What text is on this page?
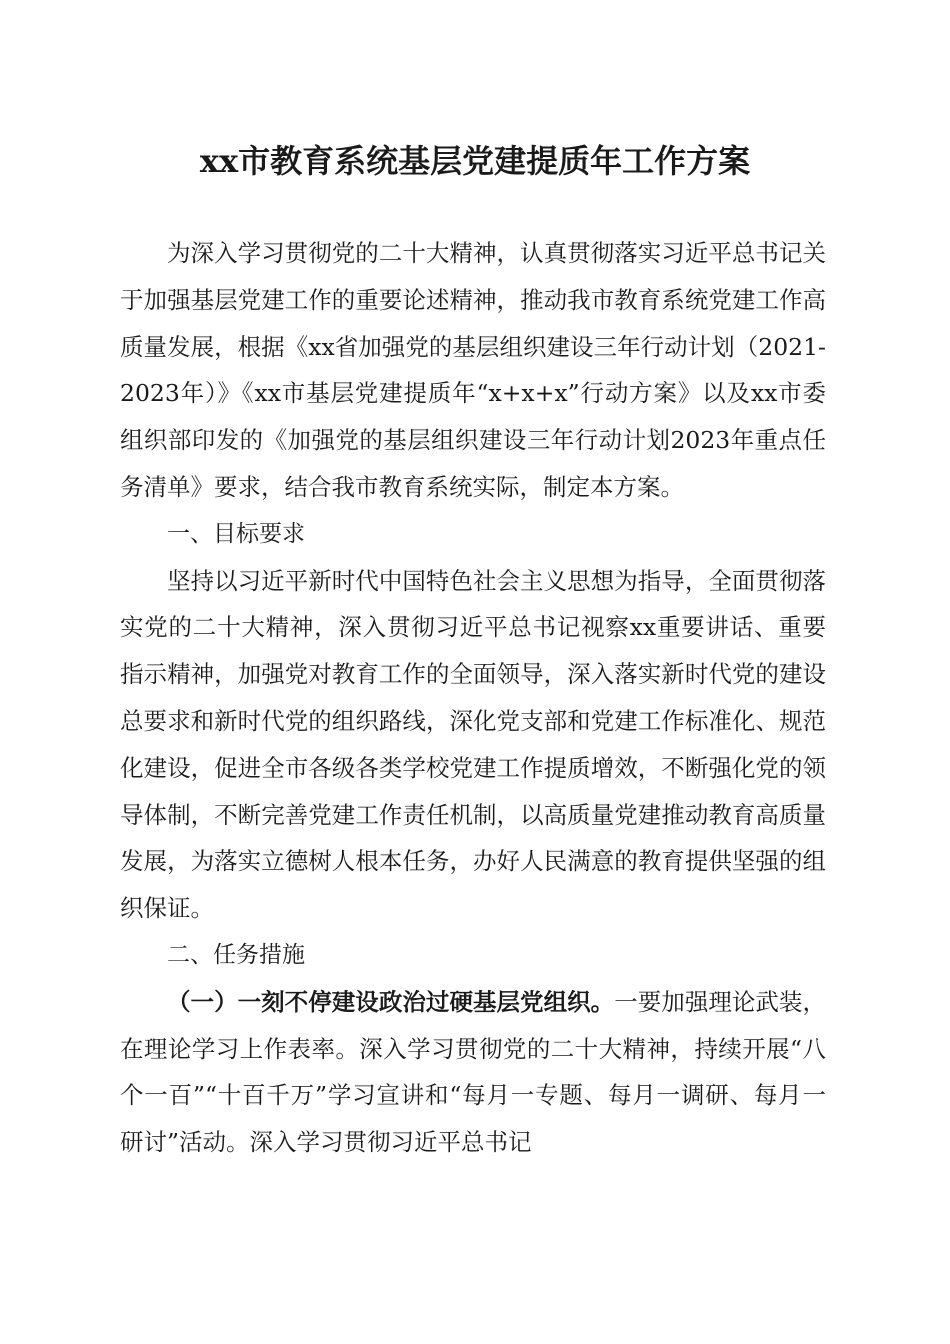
xx市教育系统基层党建提质年工作方案

为深入学习贯彻党的二十大精神，认真贯彻落实习近平总书记关于加强基层党建工作的重要论述精神，推动我市教育系统党建工作高质量发展，根据《xx省加强党的基层组织建设三年行动计划（2021-2023年）》《xx市基层党建提质年“x+x+x”行动方案》以及xx市委组织部印发的《加强党的基层组织建设三年行动计划2023年重点任务清单》要求，结合我市教育系统实际，制定本方案。

一、目标要求

坚持以习近平新时代中国特色社会主义思想为指导，全面贯彻落实党的二十大精神，深入贯彻习近平总书记视察xx重要讲话、重要指示精神，加强党对教育工作的全面领导，深入落实新时代党的建设总要求和新时代党的组织路线，深化党支部和党建工作标准化、规范化建设，促进全市各级各类学校党建工作提质增效，不断强化党的领导体制，不断完善党建工作责任机制，以高质量党建推动教育高质量发展，为落实立德树人根本任务，办好人民满意的教育提供坚强的组织保证。

二、任务措施

（一）一刻不停建设政治过硬基层党组织。一要加强理论武装，在理论学习上作表率。深入学习贯彻党的二十大精神，持续开展“八个一百”“十百千万”学习宣讲和“每月一专题、每月一调研、每月一研讨”活动。深入学习贯彻习近平总书记
